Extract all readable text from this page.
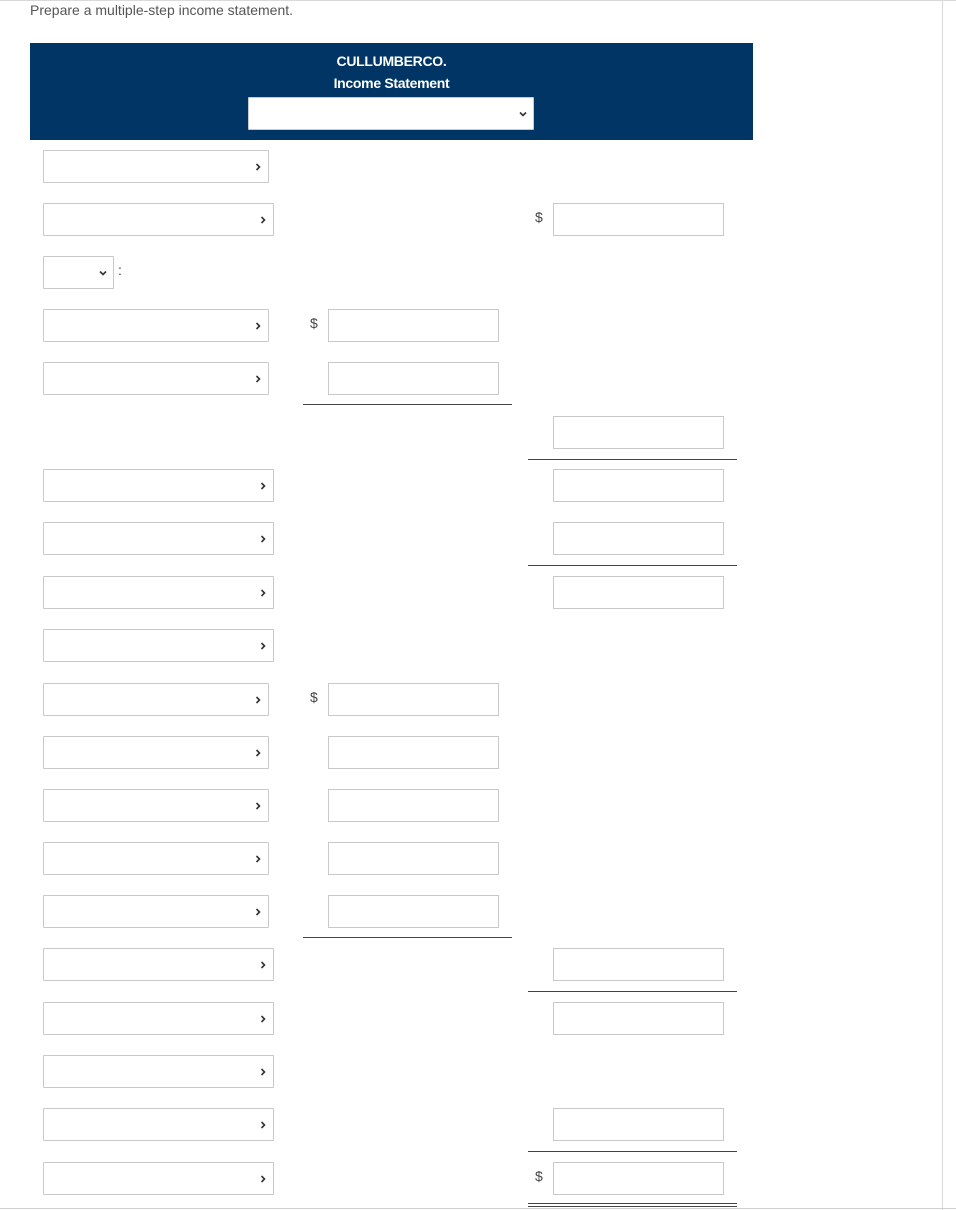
Prepare a multiple-step income statement.
CULLUMBERCO.
Income Statement
$
:
$
$
$
